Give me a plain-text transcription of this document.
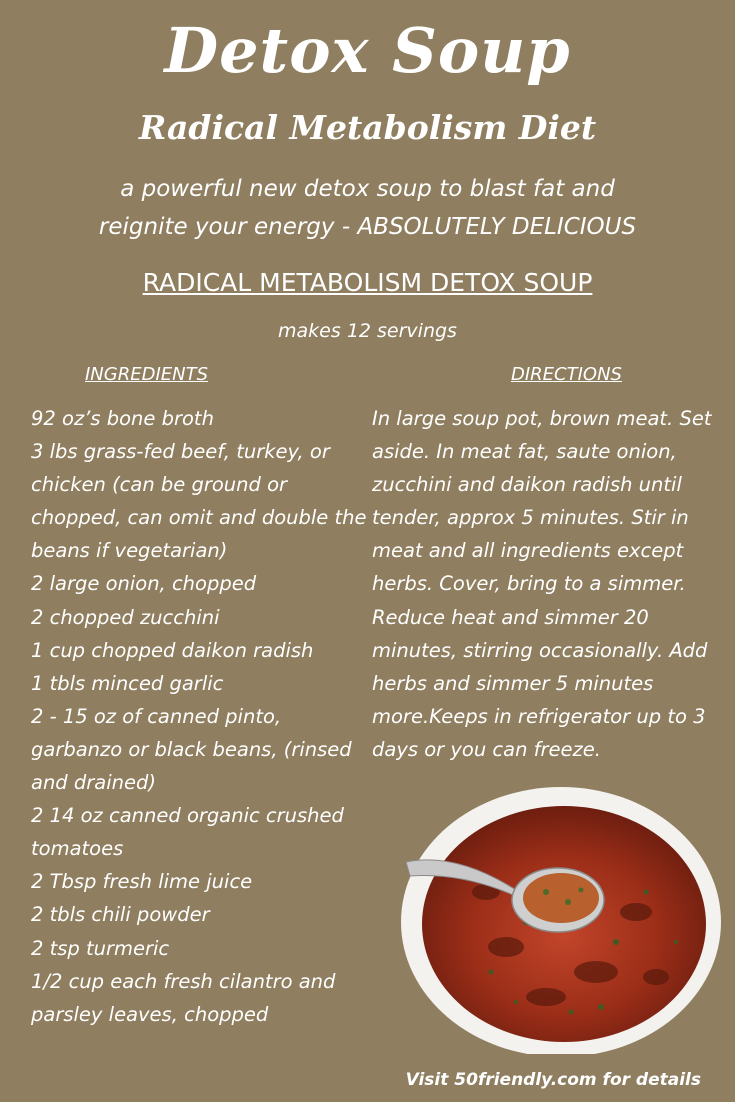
Detox Soup
Radical Metabolism Diet
a powerful new detox soup to blast fat and
reignite your energy - ABSOLUTELY DELICIOUS
RADICAL METABOLISM DETOX SOUP
makes 12 servings
INGREDIENTS	DIRECTIONS
92 oz’s bone broth
3 lbs grass-fed beef, turkey, or chicken (can be ground or chopped, can omit and double the beans if vegetarian)
2 large onion, chopped
2 chopped zucchini
1 cup chopped daikon radish
1 tbls minced garlic
2 - 15 oz of canned pinto, garbanzo or black beans, (rinsed and drained)
2 14 oz canned organic crushed tomatoes
2 Tbsp fresh lime juice
2 tbls chili powder
2 tsp turmeric
1/2 cup each fresh cilantro and parsley leaves, chopped

In large soup pot, brown meat. Set aside. In meat fat, saute onion, zucchini and daikon radish until tender, approx 5 minutes. Stir in meat and all ingredients except herbs. Cover, bring to a simmer. Reduce heat and simmer 20 minutes, stirring occasionally. Add herbs and simmer 5 minutes more.Keeps in refrigerator up to 3 days or you can freeze.

Visit 50friendly.com for details
